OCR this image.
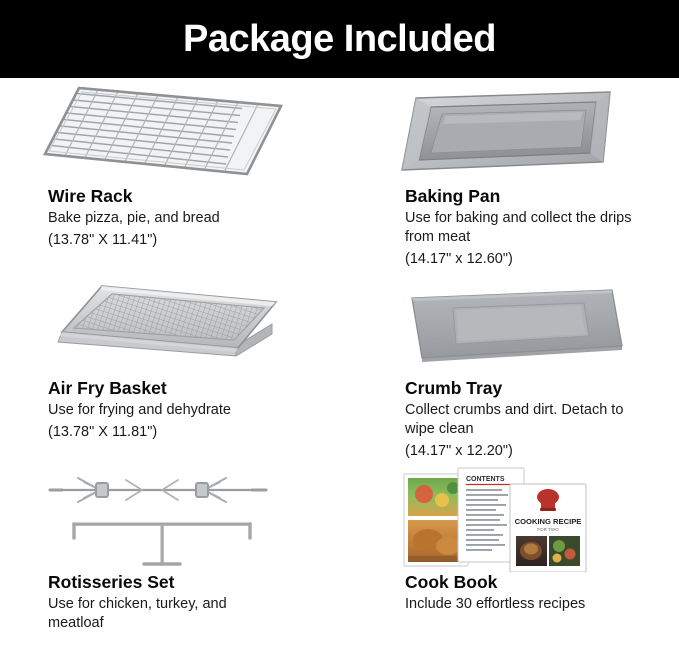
Package Included

Wire Rack

Bake pizza, pie, and bread

(13.78" X 11.41")

Baking Pan

Use for baking and collect the drips from meat

(14.17" x 12.60")

Air Fry Basket

Use for frying and dehydrate

(13.78" X 11.81")

Crumb Tray

Collect crumbs and dirt. Detach to wipe clean

(14.17" x 12.20")

Rotisseries Set

Use for chicken, turkey, and meatloaf

CONTENTS
COOKING RECIPE
FOR TWO

Cook Book

Include 30 effortless recipes
